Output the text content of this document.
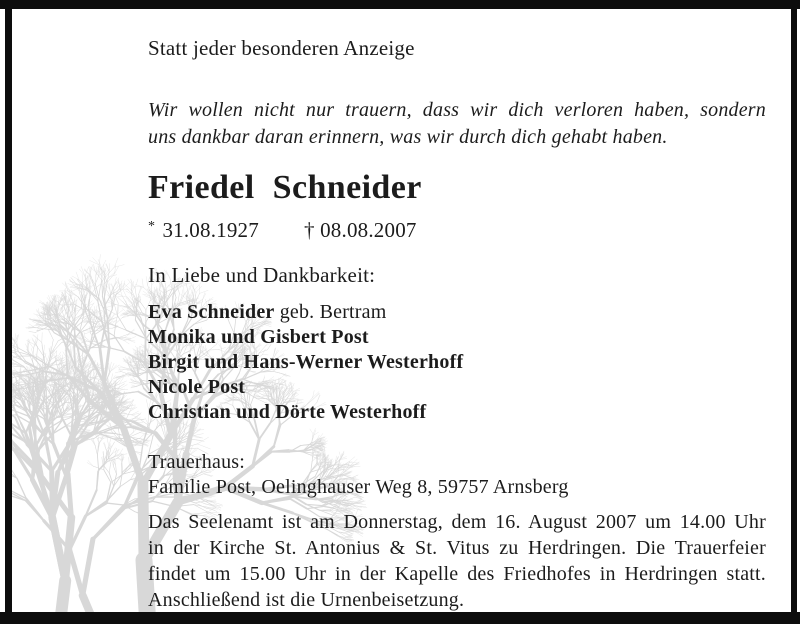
Statt jeder besonderen Anzeige
Wir wollen nicht nur trauern, dass wir dich verloren haben, sondern
uns dankbar daran erinnern, was wir durch dich gehabt haben.
Friedel Schneider
* 31.08.1927 † 08.08.2007
In Liebe und Dankbarkeit:
Eva Schneider geb. Bertram
Monika und Gisbert Post
Birgit und Hans-Werner Westerhoff
Nicole Post
Christian und Dörte Westerhoff
Trauerhaus:
Familie Post, Oelinghauser Weg 8, 59757 Arnsberg
Das Seelenamt ist am Donnerstag, dem 16. August 2007 um 14.00 Uhr
in der Kirche St. Antonius & St. Vitus zu Herdringen. Die Trauerfeier
findet um 15.00 Uhr in der Kapelle des Friedhofes in Herdringen statt.
Anschließend ist die Urnenbeisetzung.
